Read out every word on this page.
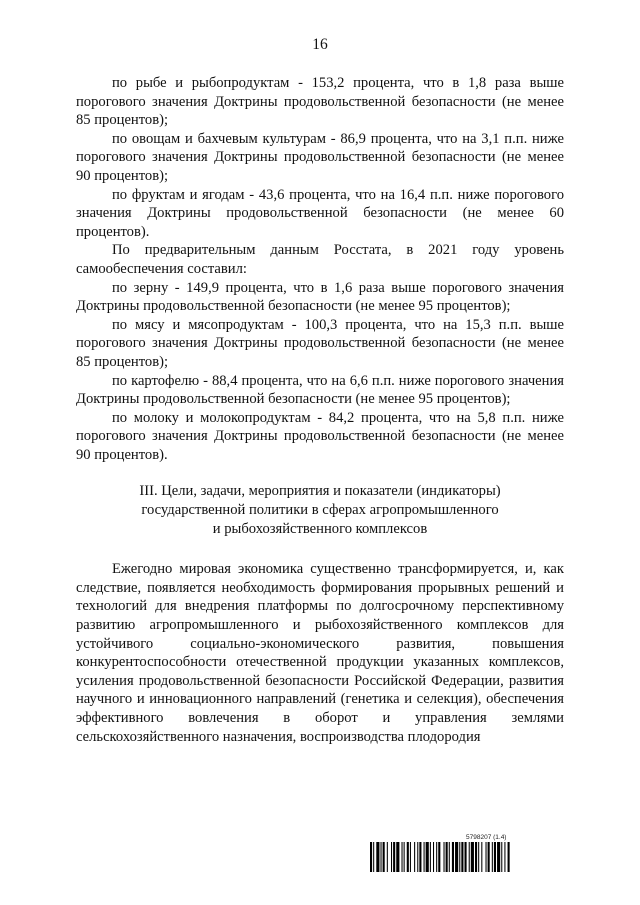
16

по рыбе и рыбопродуктам - 153,2 процента, что в 1,8 раза выше порогового значения Доктрины продовольственной безопасности (не менее 85 процентов);

по овощам и бахчевым культурам - 86,9 процента, что на 3,1 п.п. ниже порогового значения Доктрины продовольственной безопасности (не менее 90 процентов);

по фруктам и ягодам - 43,6 процента, что на 16,4 п.п. ниже порогового значения Доктрины продовольственной безопасности (не менее 60 процентов).

По предварительным данным Росстата, в 2021 году уровень самообеспечения составил:

по зерну - 149,9 процента, что в 1,6 раза выше порогового значения Доктрины продовольственной безопасности (не менее 95 процентов);

по мясу и мясопродуктам - 100,3 процента, что на 15,3 п.п. выше порогового значения Доктрины продовольственной безопасности (не менее 85 процентов);

по картофелю - 88,4 процента, что на 6,6 п.п. ниже порогового значения Доктрины продовольственной безопасности (не менее 95 процентов);

по молоку и молокопродуктам - 84,2 процента, что на 5,8 п.п. ниже порогового значения Доктрины продовольственной безопасности (не менее 90 процентов).

III. Цели, задачи, мероприятия и показатели (индикаторы)
государственной политики в сферах агропромышленного
и рыбохозяйственного комплексов

Ежегодно мировая экономика существенно трансформируется, и, как следствие, появляется необходимость формирования прорывных решений и технологий для внедрения платформы по долгосрочному перспективному развитию агропромышленного и рыбохозяйственного комплексов для устойчивого социально-экономического развития, повышения конкурентоспособности отечественной продукции указанных комплексов, усиления продовольственной безопасности Российской Федерации, развития научного и инновационного направлений (генетика и селекция), обеспечения эффективного вовлечения в оборот и управления землями сельскохозяйственного назначения, воспроизводства плодородия

5798207 (1.4)
